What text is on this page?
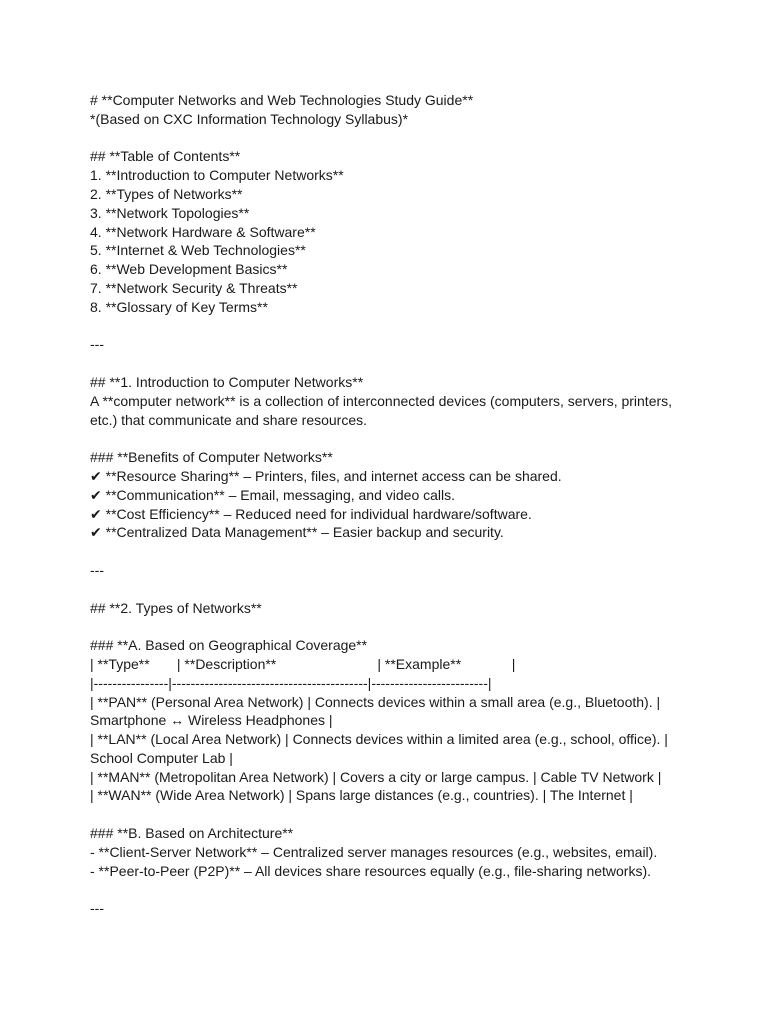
# **Computer Networks and Web Technologies Study Guide**
*(Based on CXC Information Technology Syllabus)*
## **Table of Contents**
1. **Introduction to Computer Networks**
2. **Types of Networks**
3. **Network Topologies**
4. **Network Hardware & Software**
5. **Internet & Web Technologies**
6. **Web Development Basics**
7. **Network Security & Threats**
8. **Glossary of Key Terms**
---
## **1. Introduction to Computer Networks**
A **computer network** is a collection of interconnected devices (computers, servers, printers,
etc.) that communicate and share resources.
### **Benefits of Computer Networks**
✔ **Resource Sharing** – Printers, files, and internet access can be shared.
✔ **Communication** – Email, messaging, and video calls.
✔ **Cost Efficiency** – Reduced need for individual hardware/software.
✔ **Centralized Data Management** – Easier backup and security.
---
## **2. Types of Networks**
### **A. Based on Geographical Coverage**
| **Type**       | **Description**                          | **Example**             |
|----------------|------------------------------------------|-------------------------|
| **PAN** (Personal Area Network) | Connects devices within a small area (e.g., Bluetooth). |
Smartphone ↔ Wireless Headphones |
| **LAN** (Local Area Network) | Connects devices within a limited area (e.g., school, office). |
School Computer Lab |
| **MAN** (Metropolitan Area Network) | Covers a city or large campus. | Cable TV Network |
| **WAN** (Wide Area Network) | Spans large distances (e.g., countries). | The Internet |
### **B. Based on Architecture**
- **Client-Server Network** – Centralized server manages resources (e.g., websites, email).
- **Peer-to-Peer (P2P)** – All devices share resources equally (e.g., file-sharing networks).
---
